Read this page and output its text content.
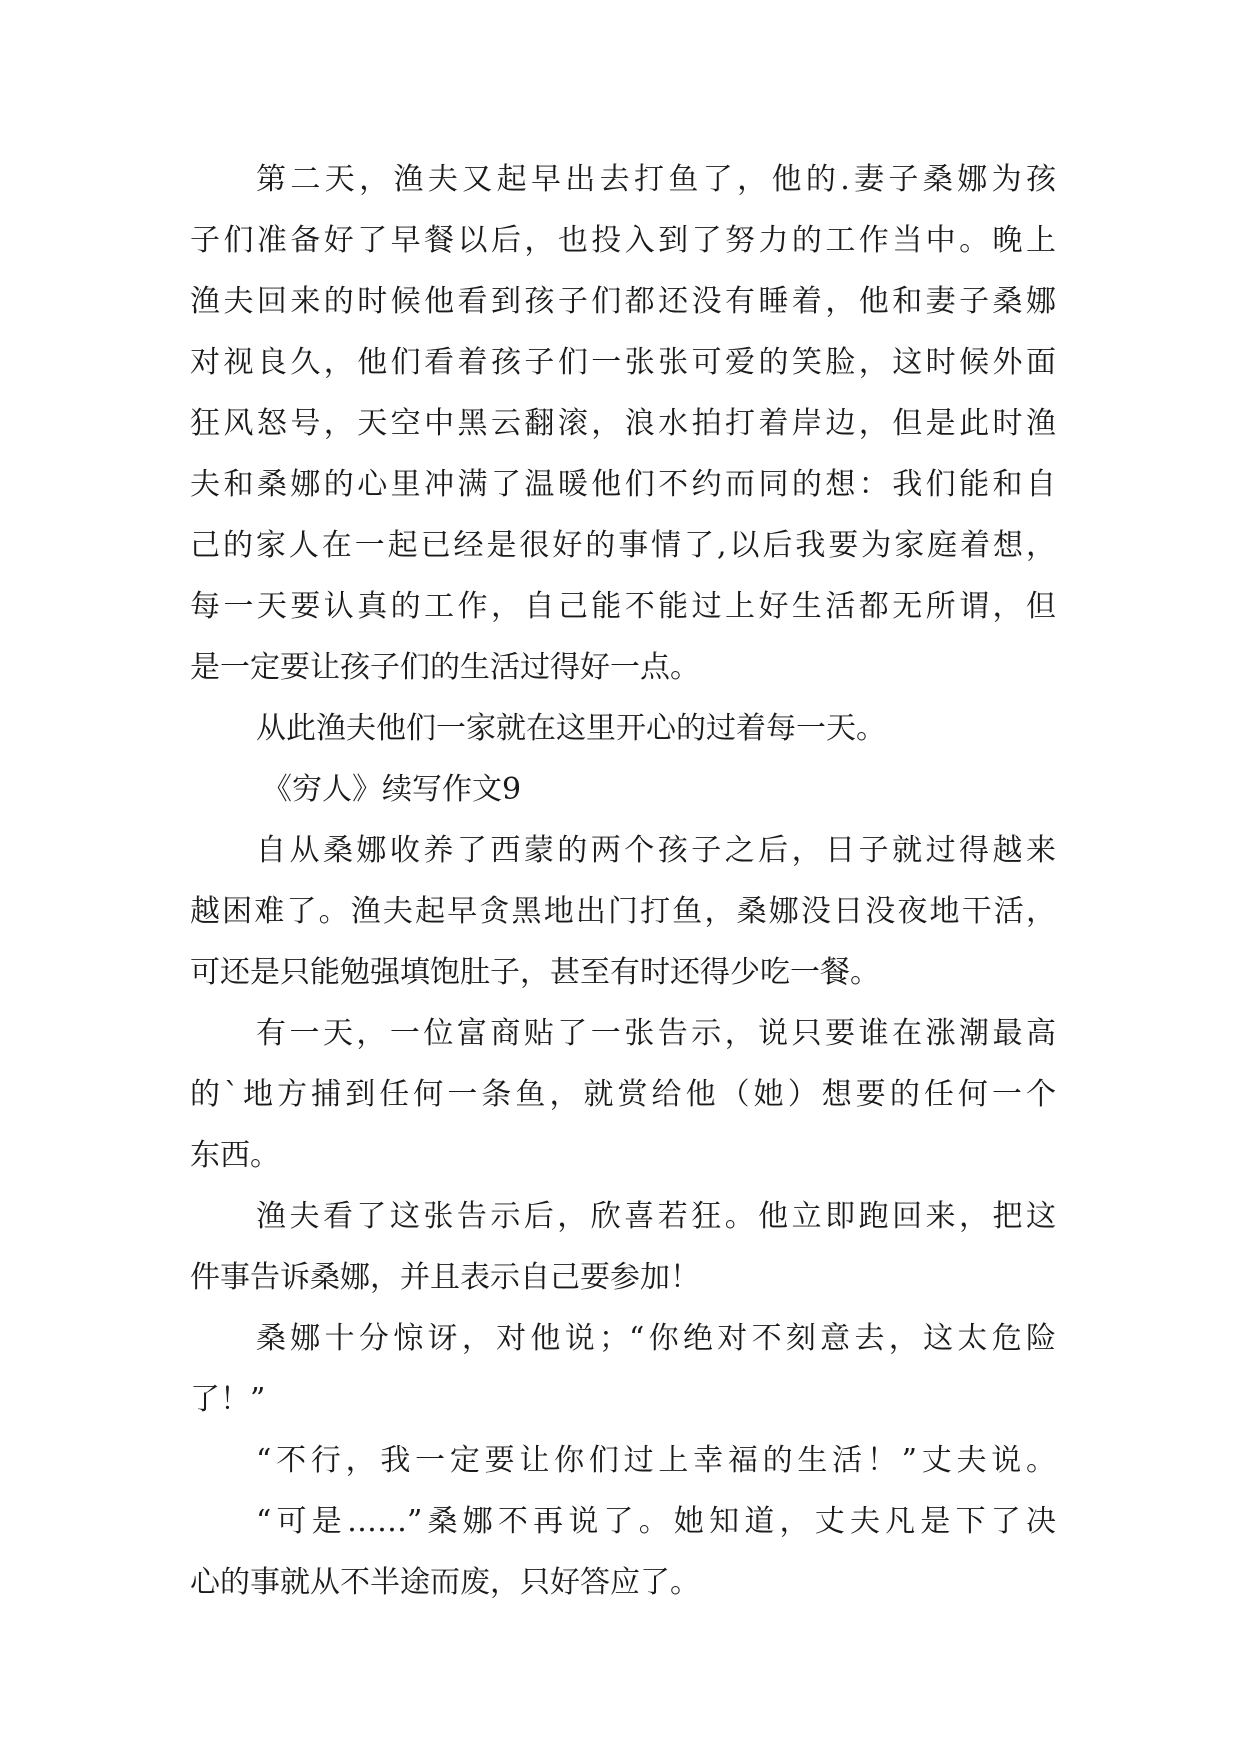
第二天，渔夫又起早出去打鱼了，他的.妻子桑娜为孩
子们准备好了早餐以后，也投入到了努力的工作当中。晚上
渔夫回来的时候他看到孩子们都还没有睡着，他和妻子桑娜
对视良久，他们看着孩子们一张张可爱的笑脸，这时候外面
狂风怒号，天空中黑云翻滚，浪水拍打着岸边，但是此时渔
夫和桑娜的心里冲满了温暖他们不约而同的想：我们能和自
己的家人在一起已经是很好的事情了,以后我要为家庭着想，
每一天要认真的工作，自己能不能过上好生活都无所谓，但
是一定要让孩子们的生活过得好一点。
从此渔夫他们一家就在这里开心的过着每一天。
《穷人》续写作文9
自从桑娜收养了西蒙的两个孩子之后，日子就过得越来
越困难了。渔夫起早贪黑地出门打鱼，桑娜没日没夜地干活，
可还是只能勉强填饱肚子，甚至有时还得少吃一餐。
有一天，一位富商贴了一张告示，说只要谁在涨潮最高
的`地方捕到任何一条鱼，就赏给他（她）想要的任何一个
东西。
渔夫看了这张告示后，欣喜若狂。他立即跑回来，把这
件事告诉桑娜，并且表示自己要参加！
桑娜十分惊讶，对他说；“你绝对不刻意去，这太危险
了！”
“不行，我一定要让你们过上幸福的生活！”丈夫说。
“可是……”桑娜不再说了。她知道，丈夫凡是下了决
心的事就从不半途而废，只好答应了。
